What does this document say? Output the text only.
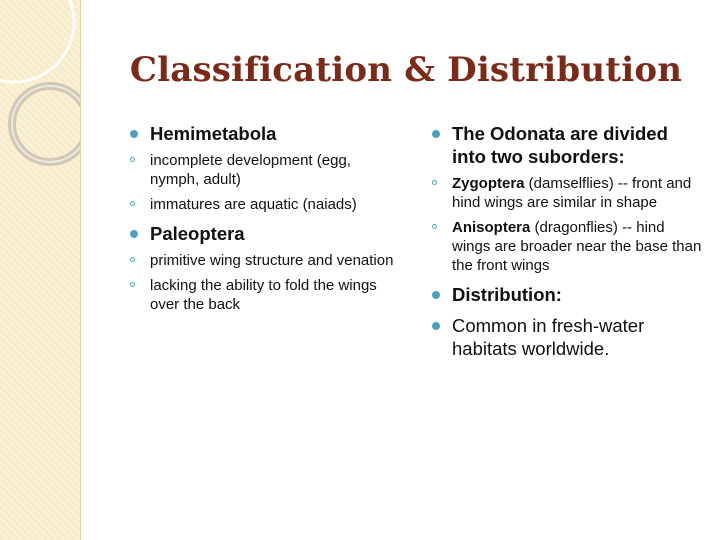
Classification & Distribution
Hemimetabola
incomplete development (egg, nymph, adult)
immatures are aquatic (naiads)
Paleoptera
primitive wing structure and venation
lacking the ability to fold the wings over the back
The Odonata are divided into two suborders:
Zygoptera (damselflies) -- front and hind wings are similar in shape
Anisoptera (dragonflies) -- hind wings are broader near the base than the front wings
Distribution:
Common in fresh-water habitats worldwide.
